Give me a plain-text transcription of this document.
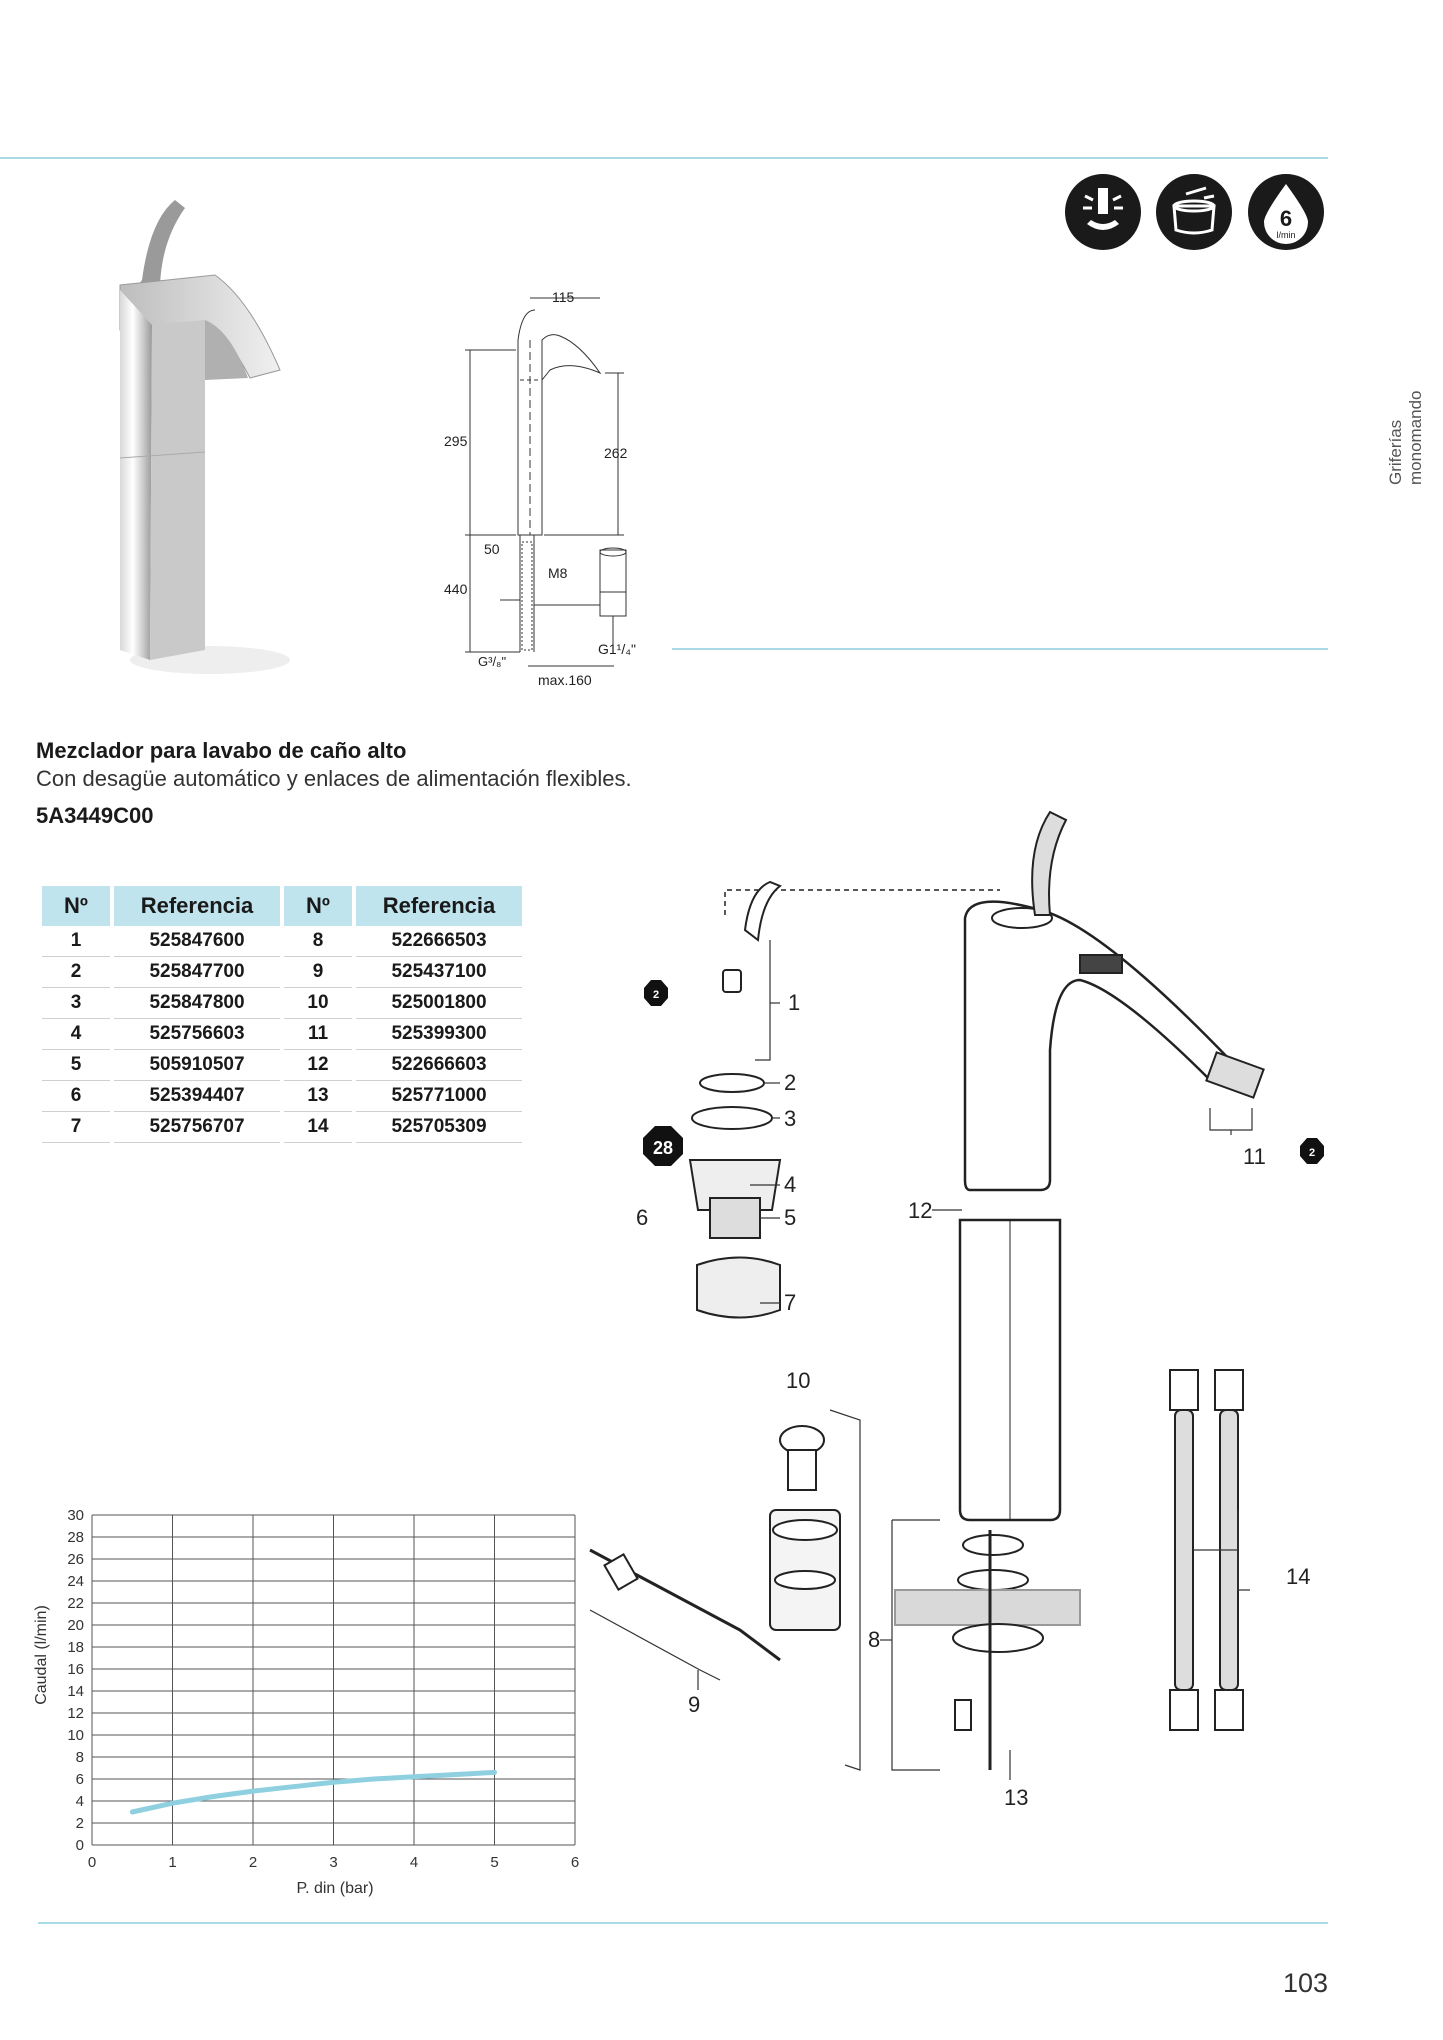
6
l/min
Griferías
monomando
115
295
262
50
M8
440
G1¹/₄"
G³/₈"
max.160
Mezclador para lavabo de caño alto
Con desagüe automático y enlaces de alimentación flexibles.
5A3449C00
Nº	Referencia	Nº	Referencia
1	525847600	8	522666503
2	525847700	9	525437100
3	525847800	10	525001800
4	525756603	11	525399300
5	505910507	12	522666603
6	525394407	13	525771000
7	525756707	14	525705309
1
2
3
4
5
6
7
8
9
10
11
12
13
14
28
2
2
0
2
4
6
8
10
12
14
16
18
20
22
24
26
28
30
0	1	2	3	4	5	6
Caudal (l/min)
P. din (bar)
103
